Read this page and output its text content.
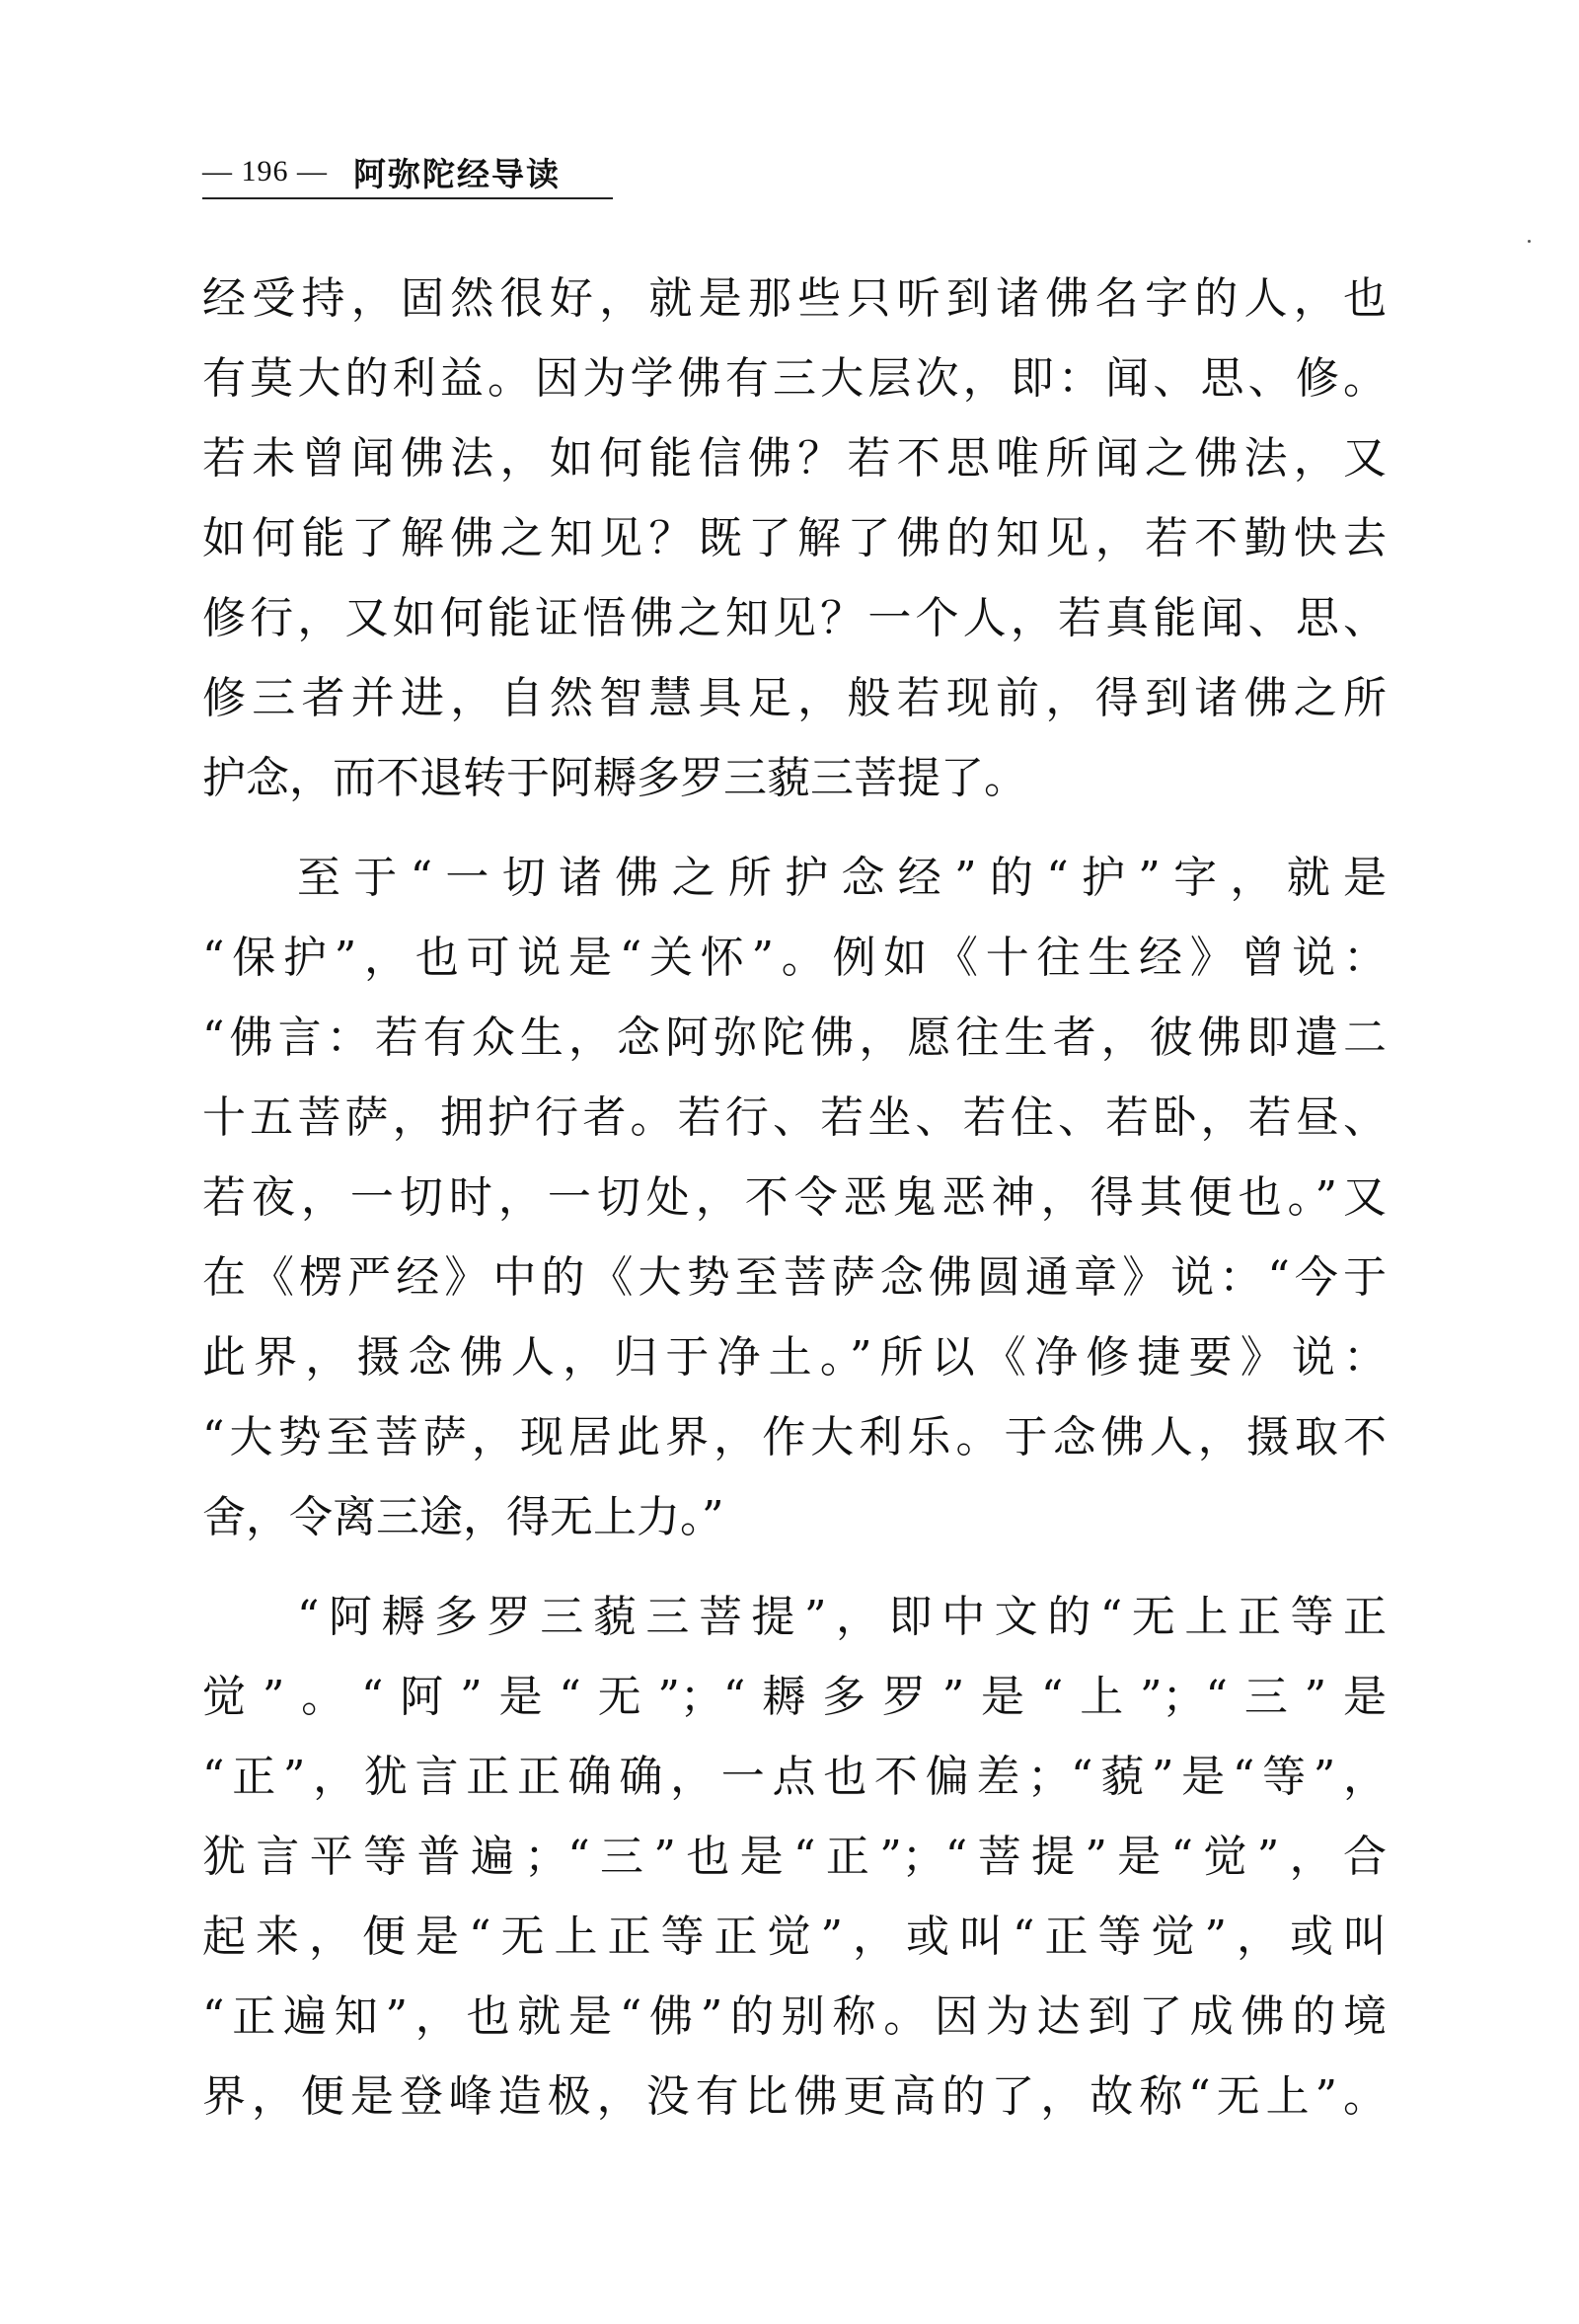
— 196 — 阿弥陀经导读
经受持，固然很好，就是那些只听到诸佛名字的人，也
有莫大的利益。因为学佛有三大层次，即：闻、思、修。
若未曾闻佛法，如何能信佛？若不思唯所闻之佛法，又
如何能了解佛之知见？既了解了佛的知见，若不勤快去
修行，又如何能证悟佛之知见？一个人，若真能闻、思、
修三者并进，自然智慧具足，般若现前，得到诸佛之所
护念，而不退转于阿耨多罗三藐三菩提了。
至于“一切诸佛之所护念经”的“护”字，就是
“保护”，也可说是“关怀”。例如《十往生经》曾说：
“佛言：若有众生，念阿弥陀佛，愿往生者，彼佛即遣二
十五菩萨，拥护行者。若行、若坐、若住、若卧，若昼、
若夜，一切时，一切处，不令恶鬼恶神，得其便也。”又
在《楞严经》中的《大势至菩萨念佛圆通章》说：“今于
此界，摄念佛人，归于净土。”所以《净修捷要》说：
“大势至菩萨，现居此界，作大利乐。于念佛人，摄取不
舍，令离三途，得无上力。”
“阿耨多罗三藐三菩提”，即中文的“无上正等正
觉”。“阿”是“无”；“耨多罗”是“上”；“三”是
“正”，犹言正正确确，一点也不偏差；“藐”是“等”，
犹言平等普遍；“三”也是“正”；“菩提”是“觉”，合
起来，便是“无上正等正觉”，或叫“正等觉”，或叫
“正遍知”，也就是“佛”的别称。因为达到了成佛的境
界，便是登峰造极，没有比佛更高的了，故称“无上”。
